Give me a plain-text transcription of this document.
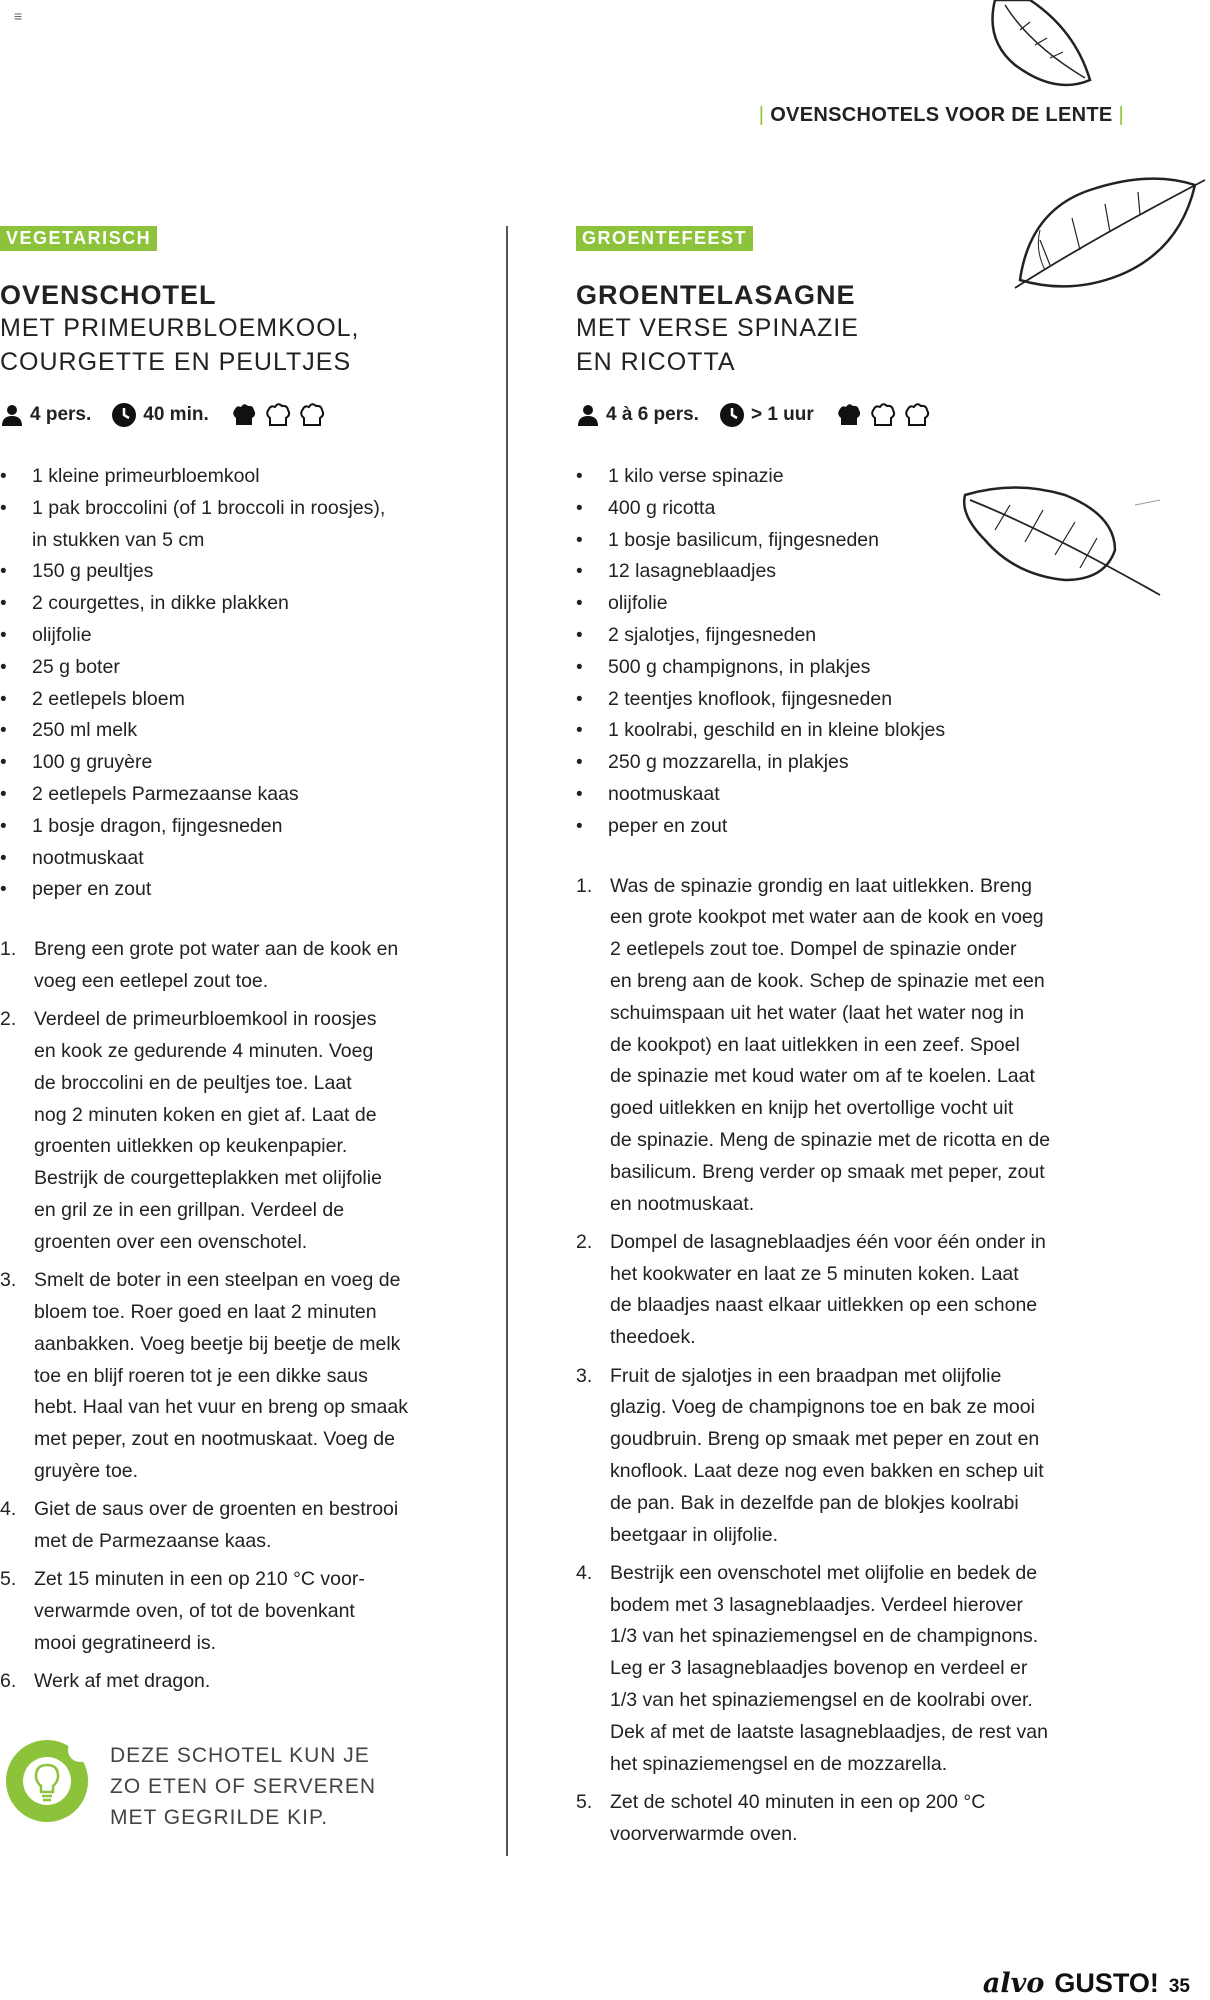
≡
| OVENSCHOTELS VOOR DE LENTE |
VEGETARISCH
OVENSCHOTEL
MET PRIMEURBLOEMKOOL,
COURGETTE EN PEULTJES
4 pers.	40 min.
• 1 kleine primeurbloemkool
• 1 pak broccolini (of 1 broccoli in roosjes),
in stukken van 5 cm
• 150 g peultjes
• 2 courgettes, in dikke plakken
• olijfolie
• 25 g boter
• 2 eetlepels bloem
• 250 ml melk
• 100 g gruyère
• 2 eetlepels Parmezaanse kaas
• 1 bosje dragon, fijngesneden
• nootmuskaat
• peper en zout
1. Breng een grote pot water aan de kook en
voeg een eetlepel zout toe.
2. Verdeel de primeurbloemkool in roosjes
en kook ze gedurende 4 minuten. Voeg
de broccolini en de peultjes toe. Laat
nog 2 minuten koken en giet af. Laat de
groenten uitlekken op keukenpapier.
Bestrijk de courgetteplakken met olijfolie
en gril ze in een grillpan. Verdeel de
groenten over een ovenschotel.
3. Smelt de boter in een steelpan en voeg de
bloem toe. Roer goed en laat 2 minuten
aanbakken. Voeg beetje bij beetje de melk
toe en blijf roeren tot je een dikke saus
hebt. Haal van het vuur en breng op smaak
met peper, zout en nootmuskaat. Voeg de
gruyère toe.
4. Giet de saus over de groenten en bestrooi
met de Parmezaanse kaas.
5. Zet 15 minuten in een op 210 °C voor-
verwarmde oven, of tot de bovenkant
mooi gegratineerd is.
6. Werk af met dragon.
DEZE SCHOTEL KUN JE
ZO ETEN OF SERVEREN
MET GEGRILDE KIP.
GROENTEFEEST
GROENTELASAGNE
MET VERSE SPINAZIE
EN RICOTTA
4 à 6 pers.	> 1 uur
• 1 kilo verse spinazie
• 400 g ricotta
• 1 bosje basilicum, fijngesneden
• 12 lasagneblaadjes
• olijfolie
• 2 sjalotjes, fijngesneden
• 500 g champignons, in plakjes
• 2 teentjes knoflook, fijngesneden
• 1 koolrabi, geschild en in kleine blokjes
• 250 g mozzarella, in plakjes
• nootmuskaat
• peper en zout
1. Was de spinazie grondig en laat uitlekken. Breng
een grote kookpot met water aan de kook en voeg
2 eetlepels zout toe. Dompel de spinazie onder
en breng aan de kook. Schep de spinazie met een
schuimspaan uit het water (laat het water nog in
de kookpot) en laat uitlekken in een zeef. Spoel
de spinazie met koud water om af te koelen. Laat
goed uitlekken en knijp het overtollige vocht uit
de spinazie. Meng de spinazie met de ricotta en de
basilicum. Breng verder op smaak met peper, zout
en nootmuskaat.
2. Dompel de lasagneblaadjes één voor één onder in
het kookwater en laat ze 5 minuten koken. Laat
de blaadjes naast elkaar uitlekken op een schone
theedoek.
3. Fruit de sjalotjes in een braadpan met olijfolie
glazig. Voeg de champignons toe en bak ze mooi
goudbruin. Breng op smaak met peper en zout en
knoflook. Laat deze nog even bakken en schep uit
de pan. Bak in dezelfde pan de blokjes koolrabi
beetgaar in olijfolie.
4. Bestrijk een ovenschotel met olijfolie en bedek de
bodem met 3 lasagneblaadjes. Verdeel hierover
1/3 van het spinaziemengsel en de champignons.
Leg er 3 lasagneblaadjes bovenop en verdeel er
1/3 van het spinaziemengsel en de koolrabi over.
Dek af met de laatste lasagneblaadjes, de rest van
het spinaziemengsel en de mozzarella.
5. Zet de schotel 40 minuten in een op 200 °C
voorverwarmde oven.
alvo GUSTO! 35
